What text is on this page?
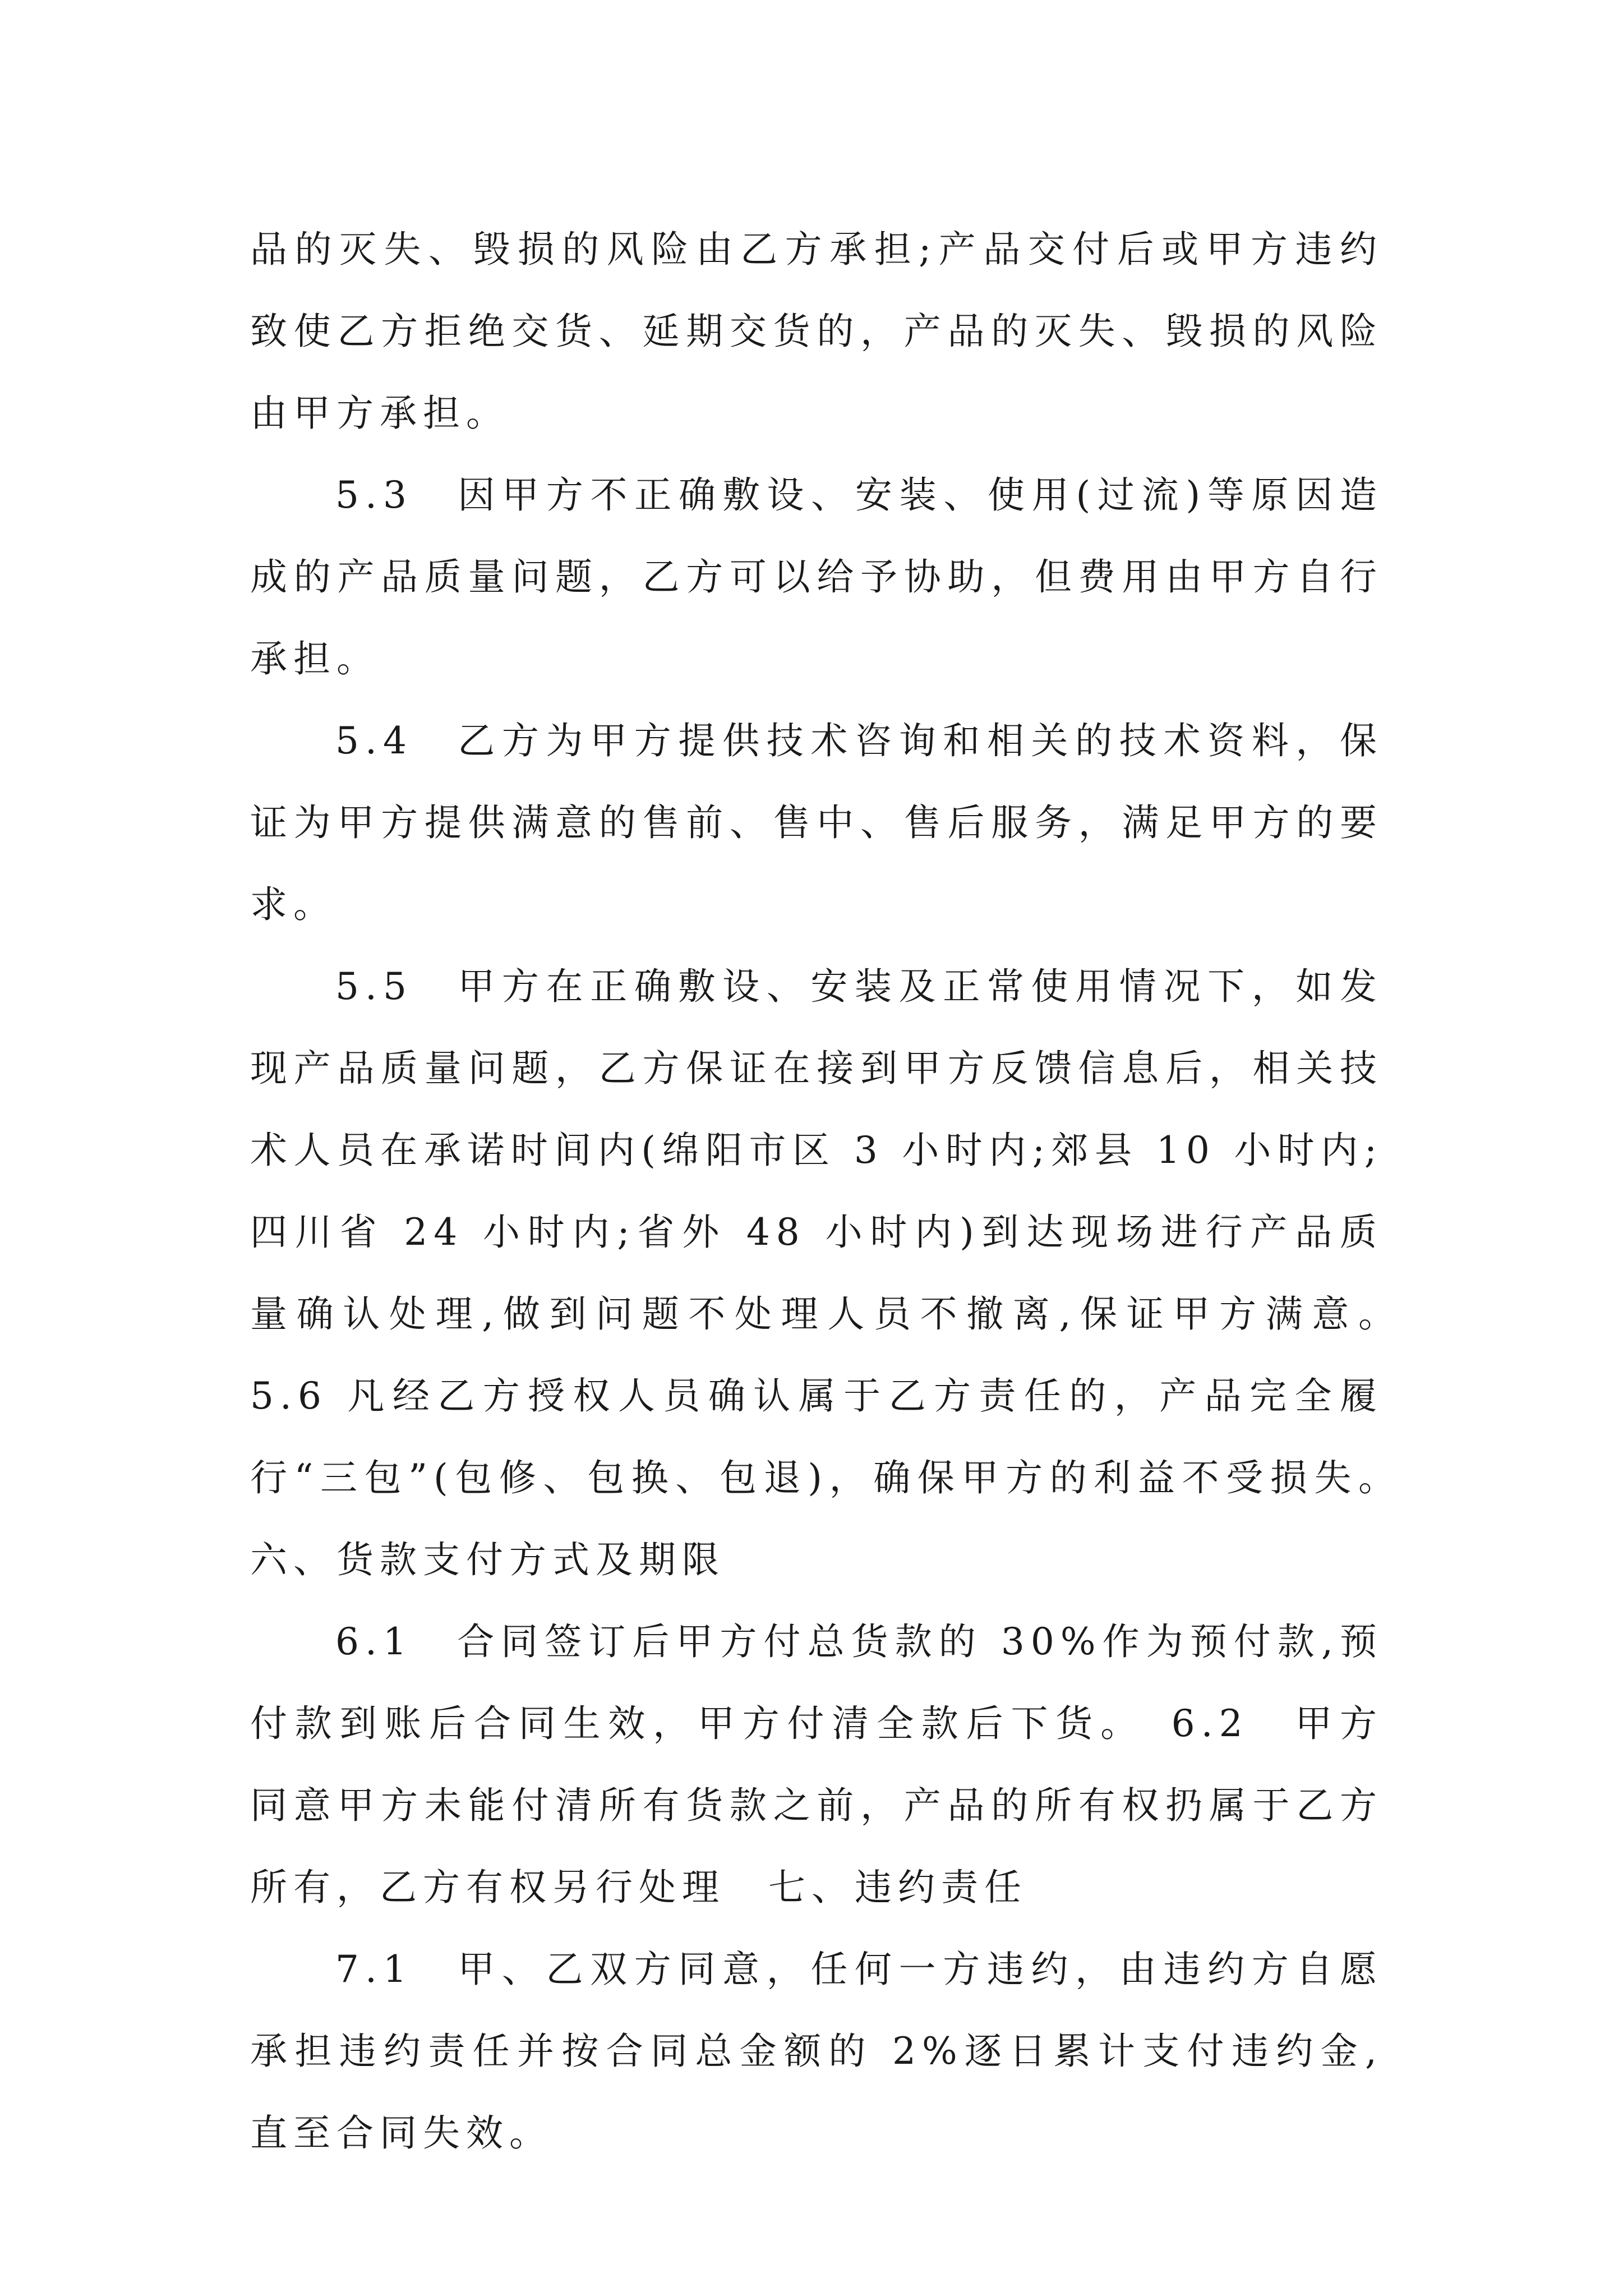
品的灭失、毁损的风险由乙方承担;产品交付后或甲方违约致使乙方拒绝交货、延期交货的，产品的灭失、毁损的风险由甲方承担。

5.3　因甲方不正确敷设、安装、使用(过流)等原因造成的产品质量问题，乙方可以给予协助，但费用由甲方自行承担。

5.4　乙方为甲方提供技术咨询和相关的技术资料，保证为甲方提供满意的售前、售中、售后服务，满足甲方的要求。

5.5　甲方在正确敷设、安装及正常使用情况下，如发现产品质量问题，乙方保证在接到甲方反馈信息后，相关技术人员在承诺时间内(绵阳市区 3 小时内;郊县 10 小时内;四川省 24 小时内;省外 48 小时内)到达现场进行产品质量确认处理,做到问题不处理人员不撤离,保证甲方满意。　5.6 凡经乙方授权人员确认属于乙方责任的，产品完全履行“三包”(包修、包换、包退)，确保甲方的利益不受损失。　六、货款支付方式及期限

6.1　合同签订后甲方付总货款的 30%作为预付款,预付款到账后合同生效，甲方付清全款后下货。　6.2　甲方同意甲方未能付清所有货款之前，产品的所有权扔属于乙方所有，乙方有权另行处理　七、违约责任

7.1　甲、乙双方同意，任何一方违约，由违约方自愿承担违约责任并按合同总金额的 2%逐日累计支付违约金,直至合同失效。
